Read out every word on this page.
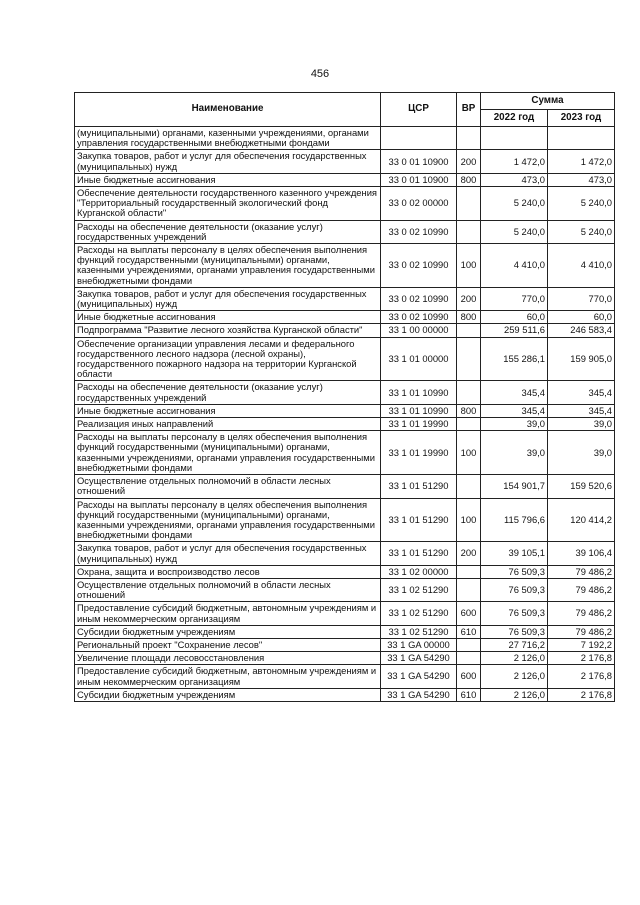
456
Наименование	ЦСР	ВР	Сумма	
			2022 год	2023 год
(муниципальными) органами, казенными учреждениями, органами управления государственными внебюджетными фондами				
Закупка товаров, работ и услуг для обеспечения государственных (муниципальных) нужд	33 0 01 10900	200	1 472,0	1 472,0
Иные бюджетные ассигнования	33 0 01 10900	800	473,0	473,0
Обеспечение деятельности государственного казенного учреждения "Территориальный государственный экологический фонд Курганской области"	33 0 02 00000		5 240,0	5 240,0
Расходы на обеспечение деятельности (оказание услуг) государственных учреждений	33 0 02 10990		5 240,0	5 240,0
Расходы на выплаты персоналу в целях обеспечения выполнения функций государственными (муниципальными) органами, казенными учреждениями, органами управления государственными внебюджетными фондами	33 0 02 10990	100	4 410,0	4 410,0
Закупка товаров, работ и услуг для обеспечения государственных (муниципальных) нужд	33 0 02 10990	200	770,0	770,0
Иные бюджетные ассигнования	33 0 02 10990	800	60,0	60,0
Подпрограмма "Развитие лесного хозяйства Курганской области"	33 1 00 00000		259 511,6	246 583,4
Обеспечение организации управления лесами и федерального государственного лесного надзора (лесной охраны), государственного пожарного надзора на территории Курганской области	33 1 01 00000		155 286,1	159 905,0
Расходы на обеспечение деятельности (оказание услуг) государственных учреждений	33 1 01 10990		345,4	345,4
Иные бюджетные ассигнования	33 1 01 10990	800	345,4	345,4
Реализация иных направлений	33 1 01 19990		39,0	39,0
Расходы на выплаты персоналу в целях обеспечения выполнения функций государственными (муниципальными) органами, казенными учреждениями, органами управления государственными внебюджетными фондами	33 1 01 19990	100	39,0	39,0
Осуществление отдельных полномочий в области лесных отношений	33 1 01 51290		154 901,7	159 520,6
Расходы на выплаты персоналу в целях обеспечения выполнения функций государственными (муниципальными) органами, казенными учреждениями, органами управления государственными внебюджетными фондами	33 1 01 51290	100	115 796,6	120 414,2
Закупка товаров, работ и услуг для обеспечения государственных (муниципальных) нужд	33 1 01 51290	200	39 105,1	39 106,4
Охрана, защита и воспроизводство лесов	33 1 02 00000		76 509,3	79 486,2
Осуществление отдельных полномочий в области лесных отношений	33 1 02 51290		76 509,3	79 486,2
Предоставление субсидий бюджетным, автономным учреждениям и иным некоммерческим организациям	33 1 02 51290	600	76 509,3	79 486,2
Субсидии бюджетным учреждениям	33 1 02 51290	610	76 509,3	79 486,2
Региональный проект "Сохранение лесов"	33 1 GA 00000		27 716,2	7 192,2
Увеличение площади лесовосстановления	33 1 GA 54290		2 126,0	2 176,8
Предоставление субсидий бюджетным, автономным учреждениям и иным некоммерческим организациям	33 1 GA 54290	600	2 126,0	2 176,8
Субсидии бюджетным учреждениям	33 1 GA 54290	610	2 126,0	2 176,8
